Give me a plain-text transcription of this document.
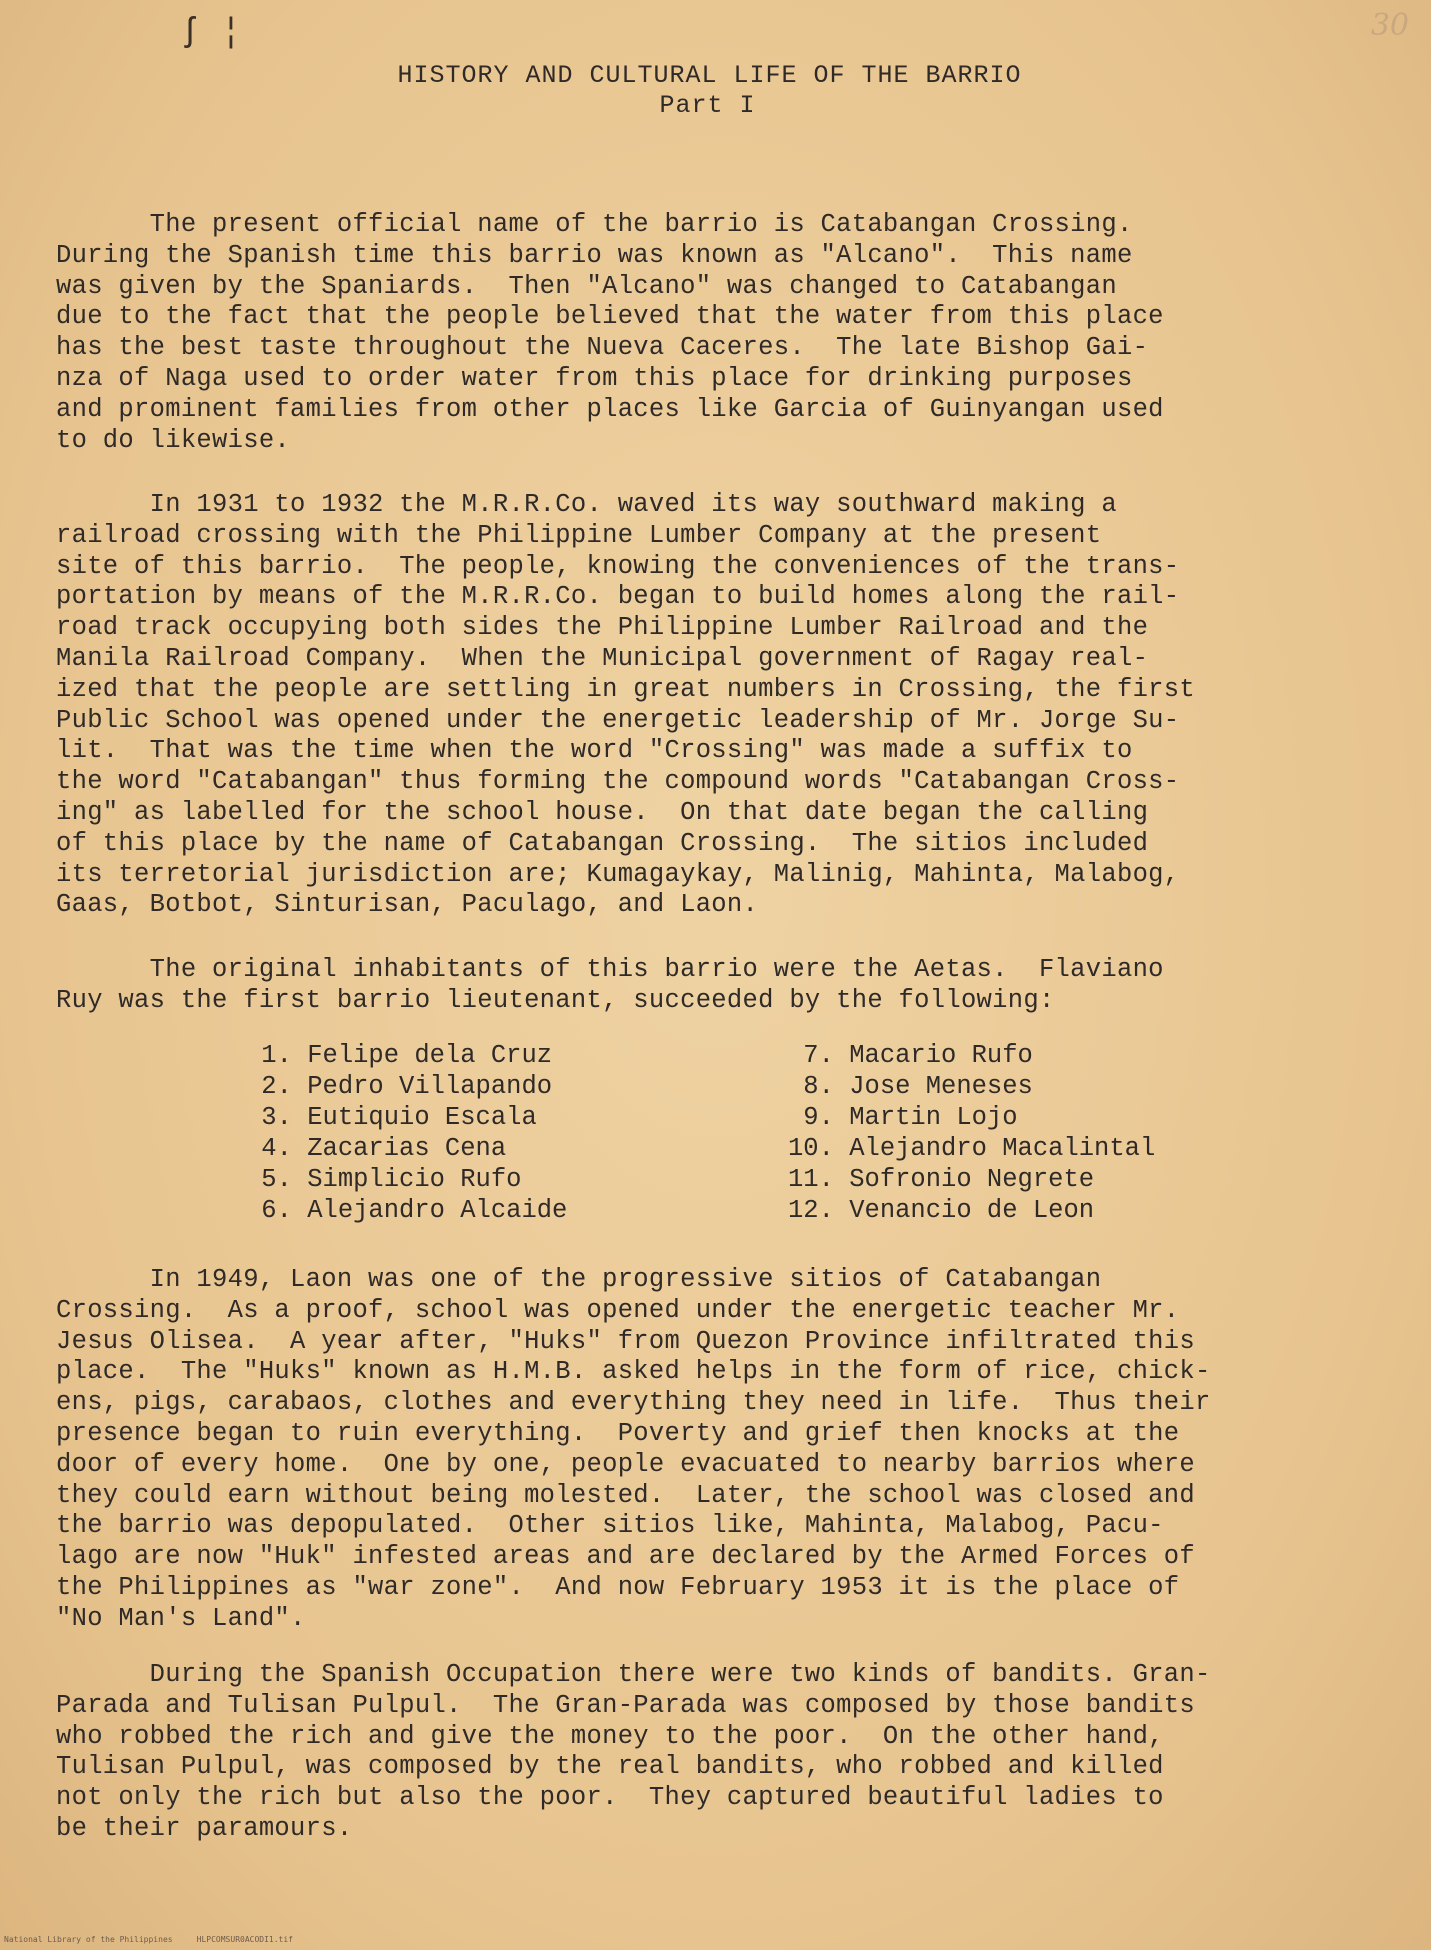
30
ʃ ¦
HISTORY AND CULTURAL LIFE OF THE BARRIO
Part I
The present official name of the barrio is Catabangan Crossing.
During the Spanish time this barrio was known as "Alcano".  This name
was given by the Spaniards.  Then "Alcano" was changed to Catabangan
due to the fact that the people believed that the water from this place
has the best taste throughout the Nueva Caceres.  The late Bishop Gai-
nza of Naga used to order water from this place for drinking purposes
and prominent families from other places like Garcia of Guinyangan used
to do likewise.
In 1931 to 1932 the M.R.R.Co. waved its way southward making a
railroad crossing with the Philippine Lumber Company at the present
site of this barrio.  The people, knowing the conveniences of the trans-
portation by means of the M.R.R.Co. began to build homes along the rail-
road track occupying both sides the Philippine Lumber Railroad and the
Manila Railroad Company.  When the Municipal government of Ragay real-
ized that the people are settling in great numbers in Crossing, the first
Public School was opened under the energetic leadership of Mr. Jorge Su-
lit.  That was the time when the word "Crossing" was made a suffix to
the word "Catabangan" thus forming the compound words "Catabangan Cross-
ing" as labelled for the school house.  On that date began the calling
of this place by the name of Catabangan Crossing.  The sitios included
its terretorial jurisdiction are; Kumagaykay, Malinig, Mahinta, Malabog,
Gaas, Botbot, Sinturisan, Paculago, and Laon.
The original inhabitants of this barrio were the Aetas.  Flaviano
Ruy was the first barrio lieutenant, succeeded by the following:
1. Felipe dela Cruz
2. Pedro Villapando
3. Eutiquio Escala
4. Zacarias Cena
5. Simplicio Rufo
6. Alejandro Alcaide
7. Macario Rufo
8. Jose Meneses
9. Martin Lojo
10. Alejandro Macalintal
11. Sofronio Negrete
12. Venancio de Leon
In 1949, Laon was one of the progressive sitios of Catabangan
Crossing.  As a proof, school was opened under the energetic teacher Mr.
Jesus Olisea.  A year after, "Huks" from Quezon Province infiltrated this
place.  The "Huks" known as H.M.B. asked helps in the form of rice, chick-
ens, pigs, carabaos, clothes and everything they need in life.  Thus their
presence began to ruin everything.  Poverty and grief then knocks at the
door of every home.  One by one, people evacuated to nearby barrios where
they could earn without being molested.  Later, the school was closed and
the barrio was depopulated.  Other sitios like, Mahinta, Malabog, Pacu-
lago are now "Huk" infested areas and are declared by the Armed Forces of
the Philippines as "war zone".  And now February 1953 it is the place of
"No Man's Land".
During the Spanish Occupation there were two kinds of bandits. Gran-
Parada and Tulisan Pulpul.  The Gran-Parada was composed by those bandits
who robbed the rich and give the money to the poor.  On the other hand,
Tulisan Pulpul, was composed by the real bandits, who robbed and killed
not only the rich but also the poor.  They captured beautiful ladies to
be their paramours.
National Library of the Philippines     HLPCOMSUR0ACODI1.tif
